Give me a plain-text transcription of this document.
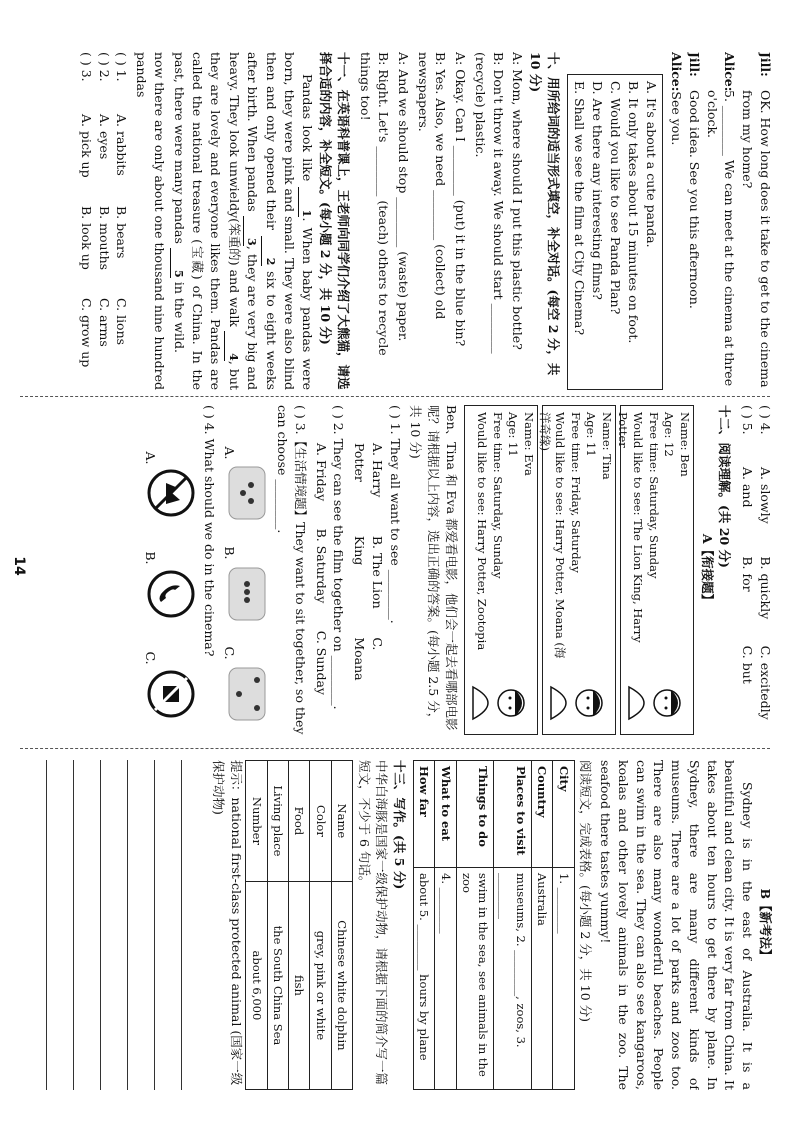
Jill:
OK. How long does it take to get to the cinema from my home?
Alice:
5. ________ We can meet at the cinema at three o'clock.
Jill:
Good idea. See you this afternoon.
Alice:
See you.
A. It's about a cute panda.
B. It only takes about 15 minutes on foot.
C. Would you like to see Panda Plan?
D. Are there any interesting films?
E. Shall we see the film at City Cinema?
十、用所给词的适当形式填空，补全对话。(每空 2 分，共 10 分)

A: Mom, where should I put this plastic bottle?

B: Don't throw it away. We should start ________ (recycle) plastic.

A: Okay. Can I ________ (put) it in the blue bin?

B: Yes. Also, we need ________ (collect) old newspapers.

A: And we should stop ________ (waste) paper.

B: Right. Let's ________ (teach) others to recycle things too!

十一、在英语科普课上，王老师向同学们介绍了大熊猫，请选择合适的内容，补全短文。(每小题 2 分，共 10 分)

Pandas look like 1. When baby pandas were born, they were pink and small. They were also blind then and only opened their 2 six to eight weeks after birth. When pandas 3, they are very big and heavy. They look unwieldy(笨重的) and walk 4, but they are lovely and everyone likes them. Pandas are called the national treasure (宝藏) of China. In the past, there were many pandas 5 in the wild.

now there are only about one thousand nine hundred pandas

( ) 1.
A. rabbits
B. bears
C. lions
( ) 2.
A. eyes
B. mouths
C. arms
( ) 3.
A. pick up
B. look up
C. grow up
( ) 4.
A. slowly
B. quickly
C. excitedly
( ) 5.
A. and
B. for
C. but
十二、阅读理解。(共 20 分)
A【衔接题】
Name: Ben
Age: 12
Free time: Saturday, Sunday
Would like to see: The Lion King, Harry Potter
Name: Tina
Age: 11
Free time: Friday, Saturday
Would like to see: Harry Potter, Moana (海洋奇缘)
Name: Eva
Age: 11
Free time: Saturday, Sunday
Would like to see: Harry Potter, Zootopia

Ben、Tina 和 Eva 都爱看电影，他们会一起去看哪部电影呢？请根据以上内容，选出正确的答案。(每小题 2.5 分，共 10 分)

( ) 1. They all want to see ________.
A. Harry Potter
B. The Lion King
C. Moana
( ) 2. They can see the film together on ________.
A. Friday
B. Saturday
C. Sunday
( ) 3.【生活情境题】They want to sit together, so they can choose ________.
A.
B.
C.
( ) 4. What should we do in the cinema?
A.
B.
C.
B【新考法】

Sydney is in the east of Australia. It is a beautiful and clean city. It is very far from China. It takes about ten hours to get there by plane. In Sydney, there are many different kinds of museums. There are a lot of parks and zoos too. There are also many wonderful beaches. People can swim in the sea. They can also see kangaroos, koalas and other lovely animals in the zoo. The seafood there tastes yummy!

阅读短文，完成表格。(每小题 2 分，共 10 分)

City	1. ________
Country	Australia
Places to visit	museums, 2. ________, zoos, 3. ________
Things to do	swim in the sea, see animals in the zoo
What to eat	4. ________
How far	about 5. ________ hours by plane
十三、写作。(共 5 分)

中华白海豚是国家一级保护动物，请根据下面的简介写一篇短文，不少于 6 句话。

Name	Chinese white dolphin
Color	grey, pink or white
Food	fish
Living place	the South China Sea
Number	about 6,000

提示：national first-class protected animal (国家一级保护动物)

14
